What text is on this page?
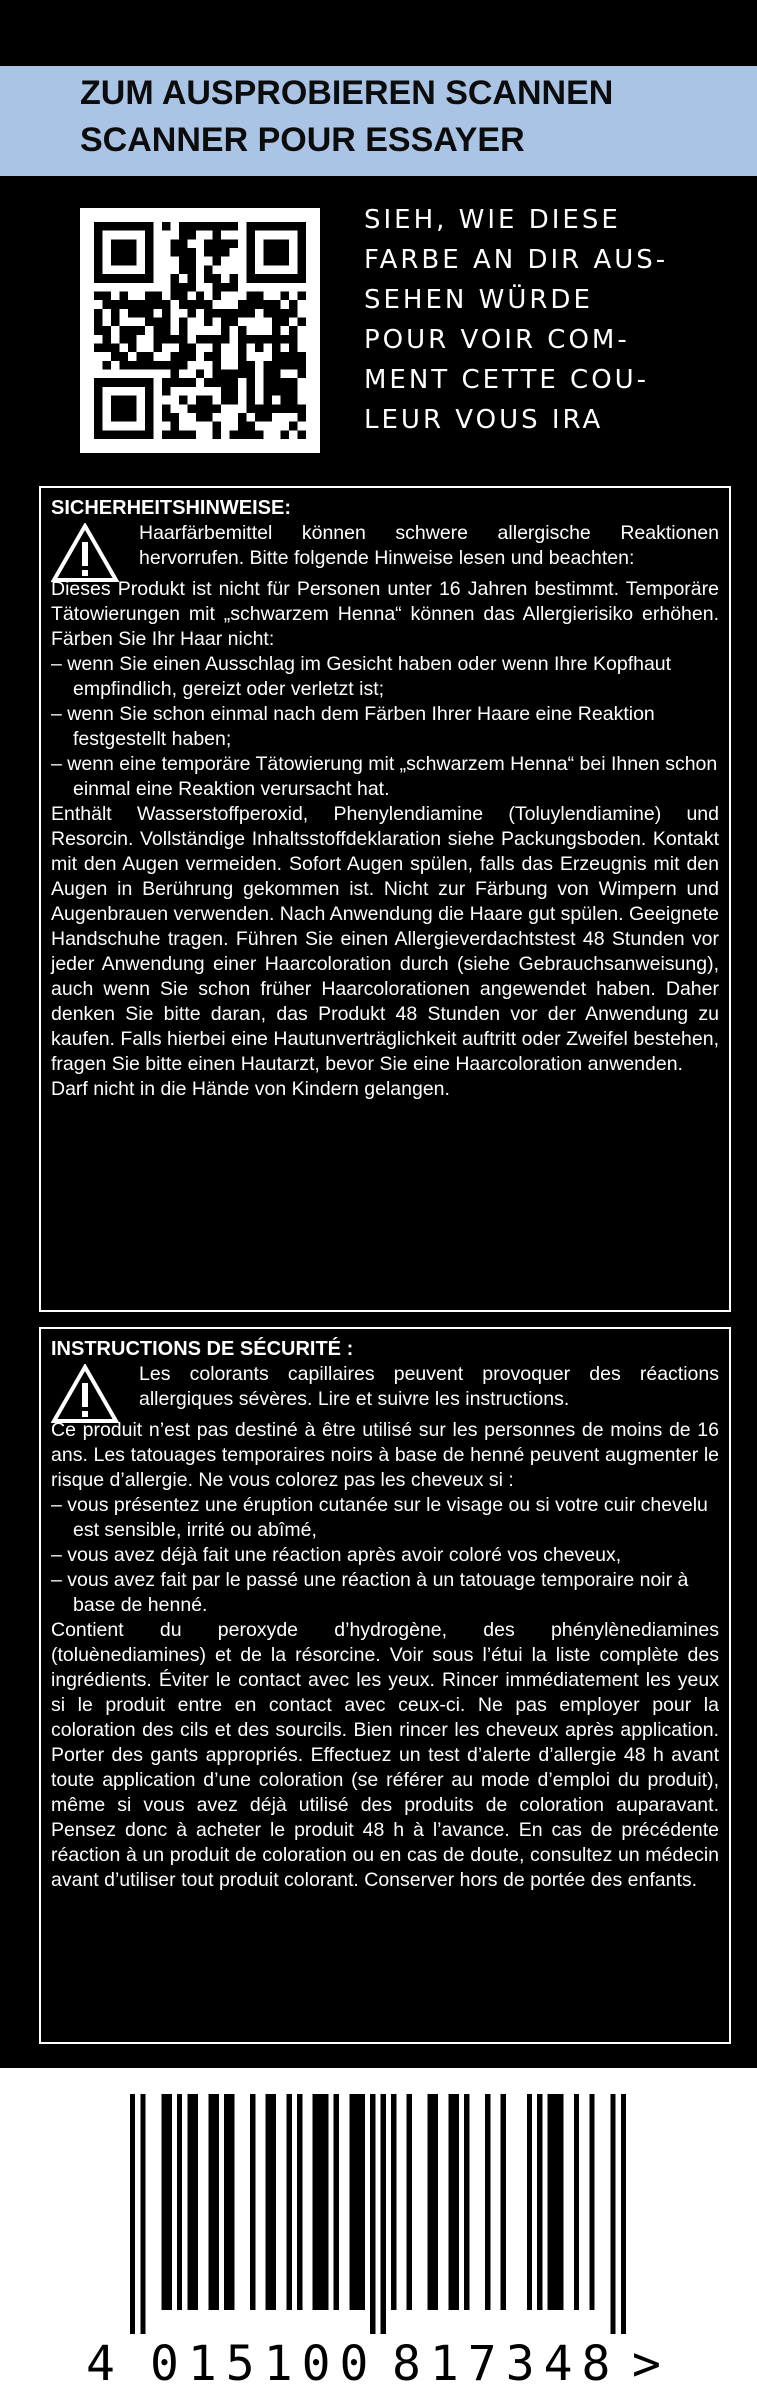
ZUM AUSPROBIEREN SCANNEN
SCANNER POUR ESSAYER
SIEH, WIE DIESE
FARBE AN DIR AUS-
SEHEN WÜRDE
POUR VOIR COM-
MENT CETTE COU-
LEUR VOUS IRA
SICHERHEITSHINWEISE:

Haarfärbemittel können schwere allergische Reaktionen hervorrufen. Bitte folgende Hinweise lesen und beachten:

Dieses Produkt ist nicht für Personen unter 16 Jahren bestimmt. Temporäre Tätowierungen mit „schwarzem Henna“ können das Allergierisiko erhöhen. Färben Sie Ihr Haar nicht:

– wenn Sie einen Ausschlag im Gesicht haben oder wenn Ihre Kopfhaut empfindlich, gereizt oder verletzt ist;

– wenn Sie schon einmal nach dem Färben Ihrer Haare eine Reaktion festgestellt haben;

– wenn eine temporäre Tätowierung mit „schwarzem Henna“ bei Ihnen schon einmal eine Reaktion verursacht hat.

Enthält Wasserstoffperoxid, Phenylendiamine (Toluylendiamine) und Resorcin. Vollständige Inhaltsstoffdeklaration siehe Packungsboden. Kontakt mit den Augen vermeiden. Sofort Augen spülen, falls das Erzeugnis mit den Augen in Berührung gekommen ist. Nicht zur Färbung von Wimpern und Augenbrauen verwenden. Nach Anwendung die Haare gut spülen. Geeignete Handschuhe tragen. Führen Sie einen Allergieverdachtstest 48 Stunden vor jeder Anwendung einer Haarcoloration durch (siehe Gebrauchsanweisung), auch wenn Sie schon früher Haarcolorationen angewendet haben. Daher denken Sie bitte daran, das Produkt 48 Stunden vor der Anwendung zu kaufen. Falls hierbei eine Hautunverträglichkeit auftritt oder Zweifel bestehen, fragen Sie bitte einen Hautarzt, bevor Sie eine Haarcoloration anwenden.

Darf nicht in die Hände von Kindern gelangen.

INSTRUCTIONS DE SÉCURITÉ :

Les colorants capillaires peuvent provoquer des réactions allergiques sévères. Lire et suivre les instructions.

Ce produit n’est pas destiné à être utilisé sur les personnes de moins de 16 ans. Les tatouages temporaires noirs à base de henné peuvent augmenter le risque d’allergie. Ne vous colorez pas les cheveux si :

– vous présentez une éruption cutanée sur le visage ou si votre cuir chevelu est sensible, irrité ou abîmé,

– vous avez déjà fait une réaction après avoir coloré vos cheveux,

– vous avez fait par le passé une réaction à un tatouage temporaire noir à base de henné.

Contient du peroxyde d’hydrogène, des phénylènediamines (toluènediamines) et de la résorcine. Voir sous l’étui la liste complète des ingrédients. Éviter le contact avec les yeux. Rincer immédiatement les yeux si le produit entre en contact avec ceux-ci. Ne pas employer pour la coloration des cils et des sourcils. Bien rincer les cheveux après application. Porter des gants appropriés. Effectuez un test d’alerte d’allergie 48 h avant toute application d’une coloration (se référer au mode d’emploi du produit), même si vous avez déjà utilisé des produits de coloration auparavant. Pensez donc à acheter le produit 48 h à l’avance. En cas de précédente réaction à un produit de coloration ou en cas de doute, consultez un médecin avant d’utiliser tout produit colorant. Conserver hors de portée des enfants.

4 015100 817348 >
